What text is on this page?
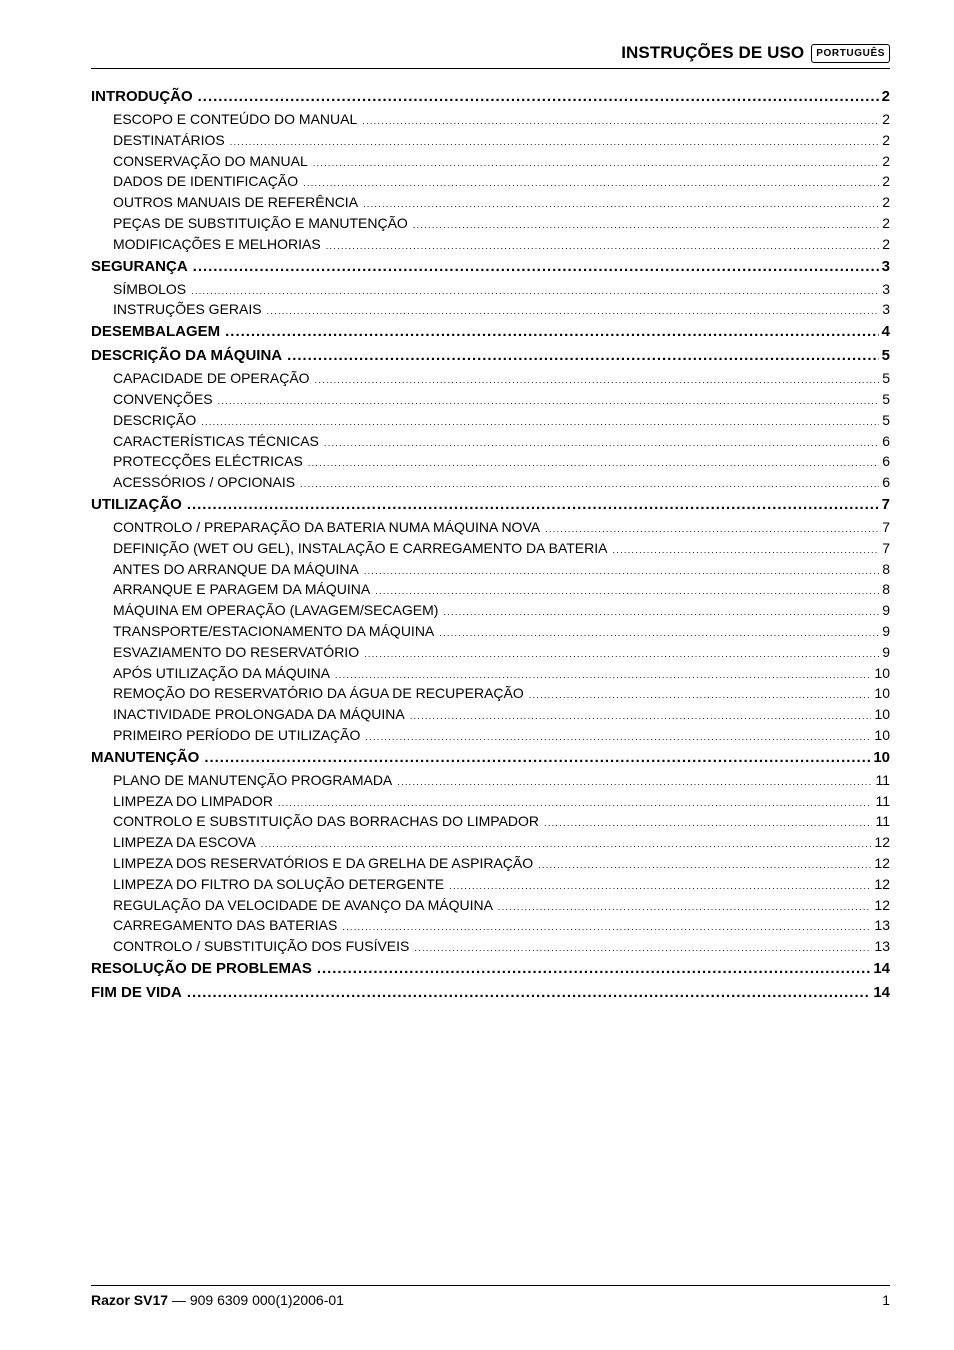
INSTRUÇÕES DE USO	PORTUGUÊS
INTRODUÇÃO . . .	2
ESCOPO E CONTEÚDO DO MANUAL . . .	2
DESTINATÁRIOS . . .	2
CONSERVAÇÃO DO MANUAL . . .	2
DADOS DE IDENTIFICAÇÃO . . .	2
OUTROS MANUAIS DE REFERÊNCIA . . .	2
PEÇAS DE SUBSTITUIÇÃO E MANUTENÇÃO . . .	2
MODIFICAÇÕES E MELHORIAS . . .	2
SEGURANÇA . . .	3
SÍMBOLOS . . .	3
INSTRUÇÕES GERAIS . . .	3
DESEMBALAGEM . . .	4
DESCRIÇÃO DA MÁQUINA . . .	5
CAPACIDADE DE OPERAÇÃO . . .	5
CONVENÇÕES . . .	5
DESCRIÇÃO . . .	5
CARACTERÍSTICAS TÉCNICAS . . .	6
PROTECÇÕES ELÉCTRICAS . . .	6
ACESSÓRIOS / OPCIONAIS . . .	6
UTILIZAÇÃO . . .	7
CONTROLO / PREPARAÇÃO DA BATERIA NUMA MÁQUINA NOVA . . .	7
DEFINIÇÃO (WET OU GEL), INSTALAÇÃO E CARREGAMENTO DA BATERIA . . .	7
ANTES DO ARRANQUE DA MÁQUINA . . .	8
ARRANQUE E PARAGEM DA MÁQUINA . . .	8
MÁQUINA EM OPERAÇÃO (LAVAGEM/SECAGEM) . . .	9
TRANSPORTE/ESTACIONAMENTO DA MÁQUINA . . .	9
ESVAZIAMENTO DO RESERVATÓRIO . . .	9
APÓS UTILIZAÇÃO DA MÁQUINA . . .	10
REMOÇÃO DO RESERVATÓRIO DA ÁGUA DE RECUPERAÇÃO . . .	10
INACTIVIDADE PROLONGADA DA MÁQUINA . . .	10
PRIMEIRO PERÍODO DE UTILIZAÇÃO . . .	10
MANUTENÇÃO . . .	10
PLANO DE MANUTENÇÃO PROGRAMADA . . .	11
LIMPEZA DO LIMPADOR . . .	11
CONTROLO E SUBSTITUIÇÃO DAS BORRACHAS DO LIMPADOR . . .	11
LIMPEZA DA ESCOVA . . .	12
LIMPEZA DOS RESERVATÓRIOS E DA GRELHA DE ASPIRAÇÃO . . .	12
LIMPEZA DO FILTRO DA SOLUÇÃO DETERGENTE . . .	12
REGULAÇÃO DA VELOCIDADE DE AVANÇO DA MÁQUINA . . .	12
CARREGAMENTO DAS BATERIAS . . .	13
CONTROLO / SUBSTITUIÇÃO DOS FUSÍVEIS . . .	13
RESOLUÇÃO DE PROBLEMAS . . .	14
FIM DE VIDA . . .	14
Razor SV17 — 909 6309 000(1)2006-01	1
